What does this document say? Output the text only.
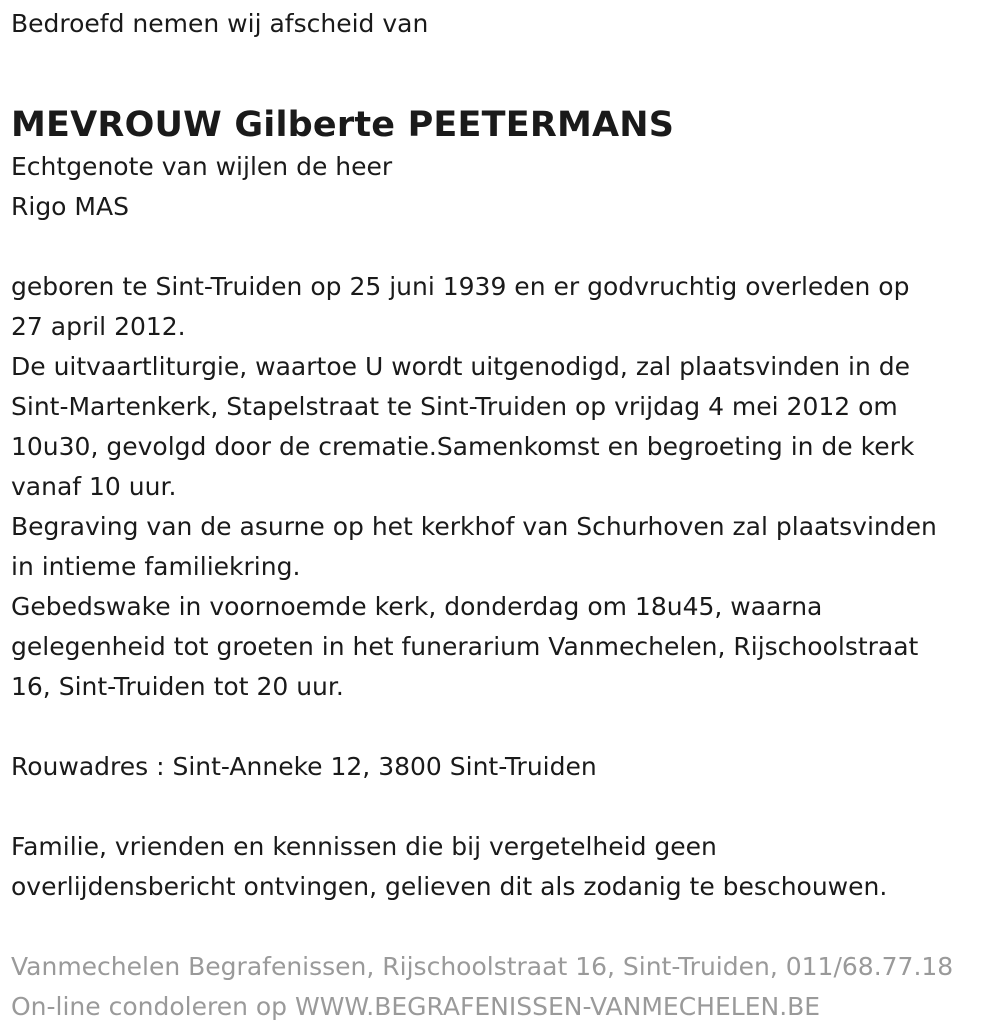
Bedroefd nemen wij afscheid van
MEVROUW Gilberte PEETERMANS
Echtgenote van wijlen de heer
Rigo MAS
geboren te Sint-Truiden op 25 juni 1939 en er godvruchtig overleden op
27 april 2012.
De uitvaartliturgie, waartoe U wordt uitgenodigd, zal plaatsvinden in de
Sint-Martenkerk, Stapelstraat te Sint-Truiden op vrijdag 4 mei 2012 om
10u30, gevolgd door de crematie.Samenkomst en begroeting in de kerk
vanaf 10 uur.
Begraving van de asurne op het kerkhof van Schurhoven zal plaatsvinden
in intieme familiekring.
Gebedswake in voornoemde kerk, donderdag om 18u45, waarna
gelegenheid tot groeten in het funerarium Vanmechelen, Rijschoolstraat
16, Sint-Truiden tot 20 uur.
Rouwadres : Sint-Anneke 12, 3800 Sint-Truiden
Familie, vrienden en kennissen die bij vergetelheid geen
overlijdensbericht ontvingen, gelieven dit als zodanig te beschouwen.
Vanmechelen Begrafenissen, Rijschoolstraat 16, Sint-Truiden, 011/68.77.18
On-line condoleren op WWW.BEGRAFENISSEN-VANMECHELEN.BE
